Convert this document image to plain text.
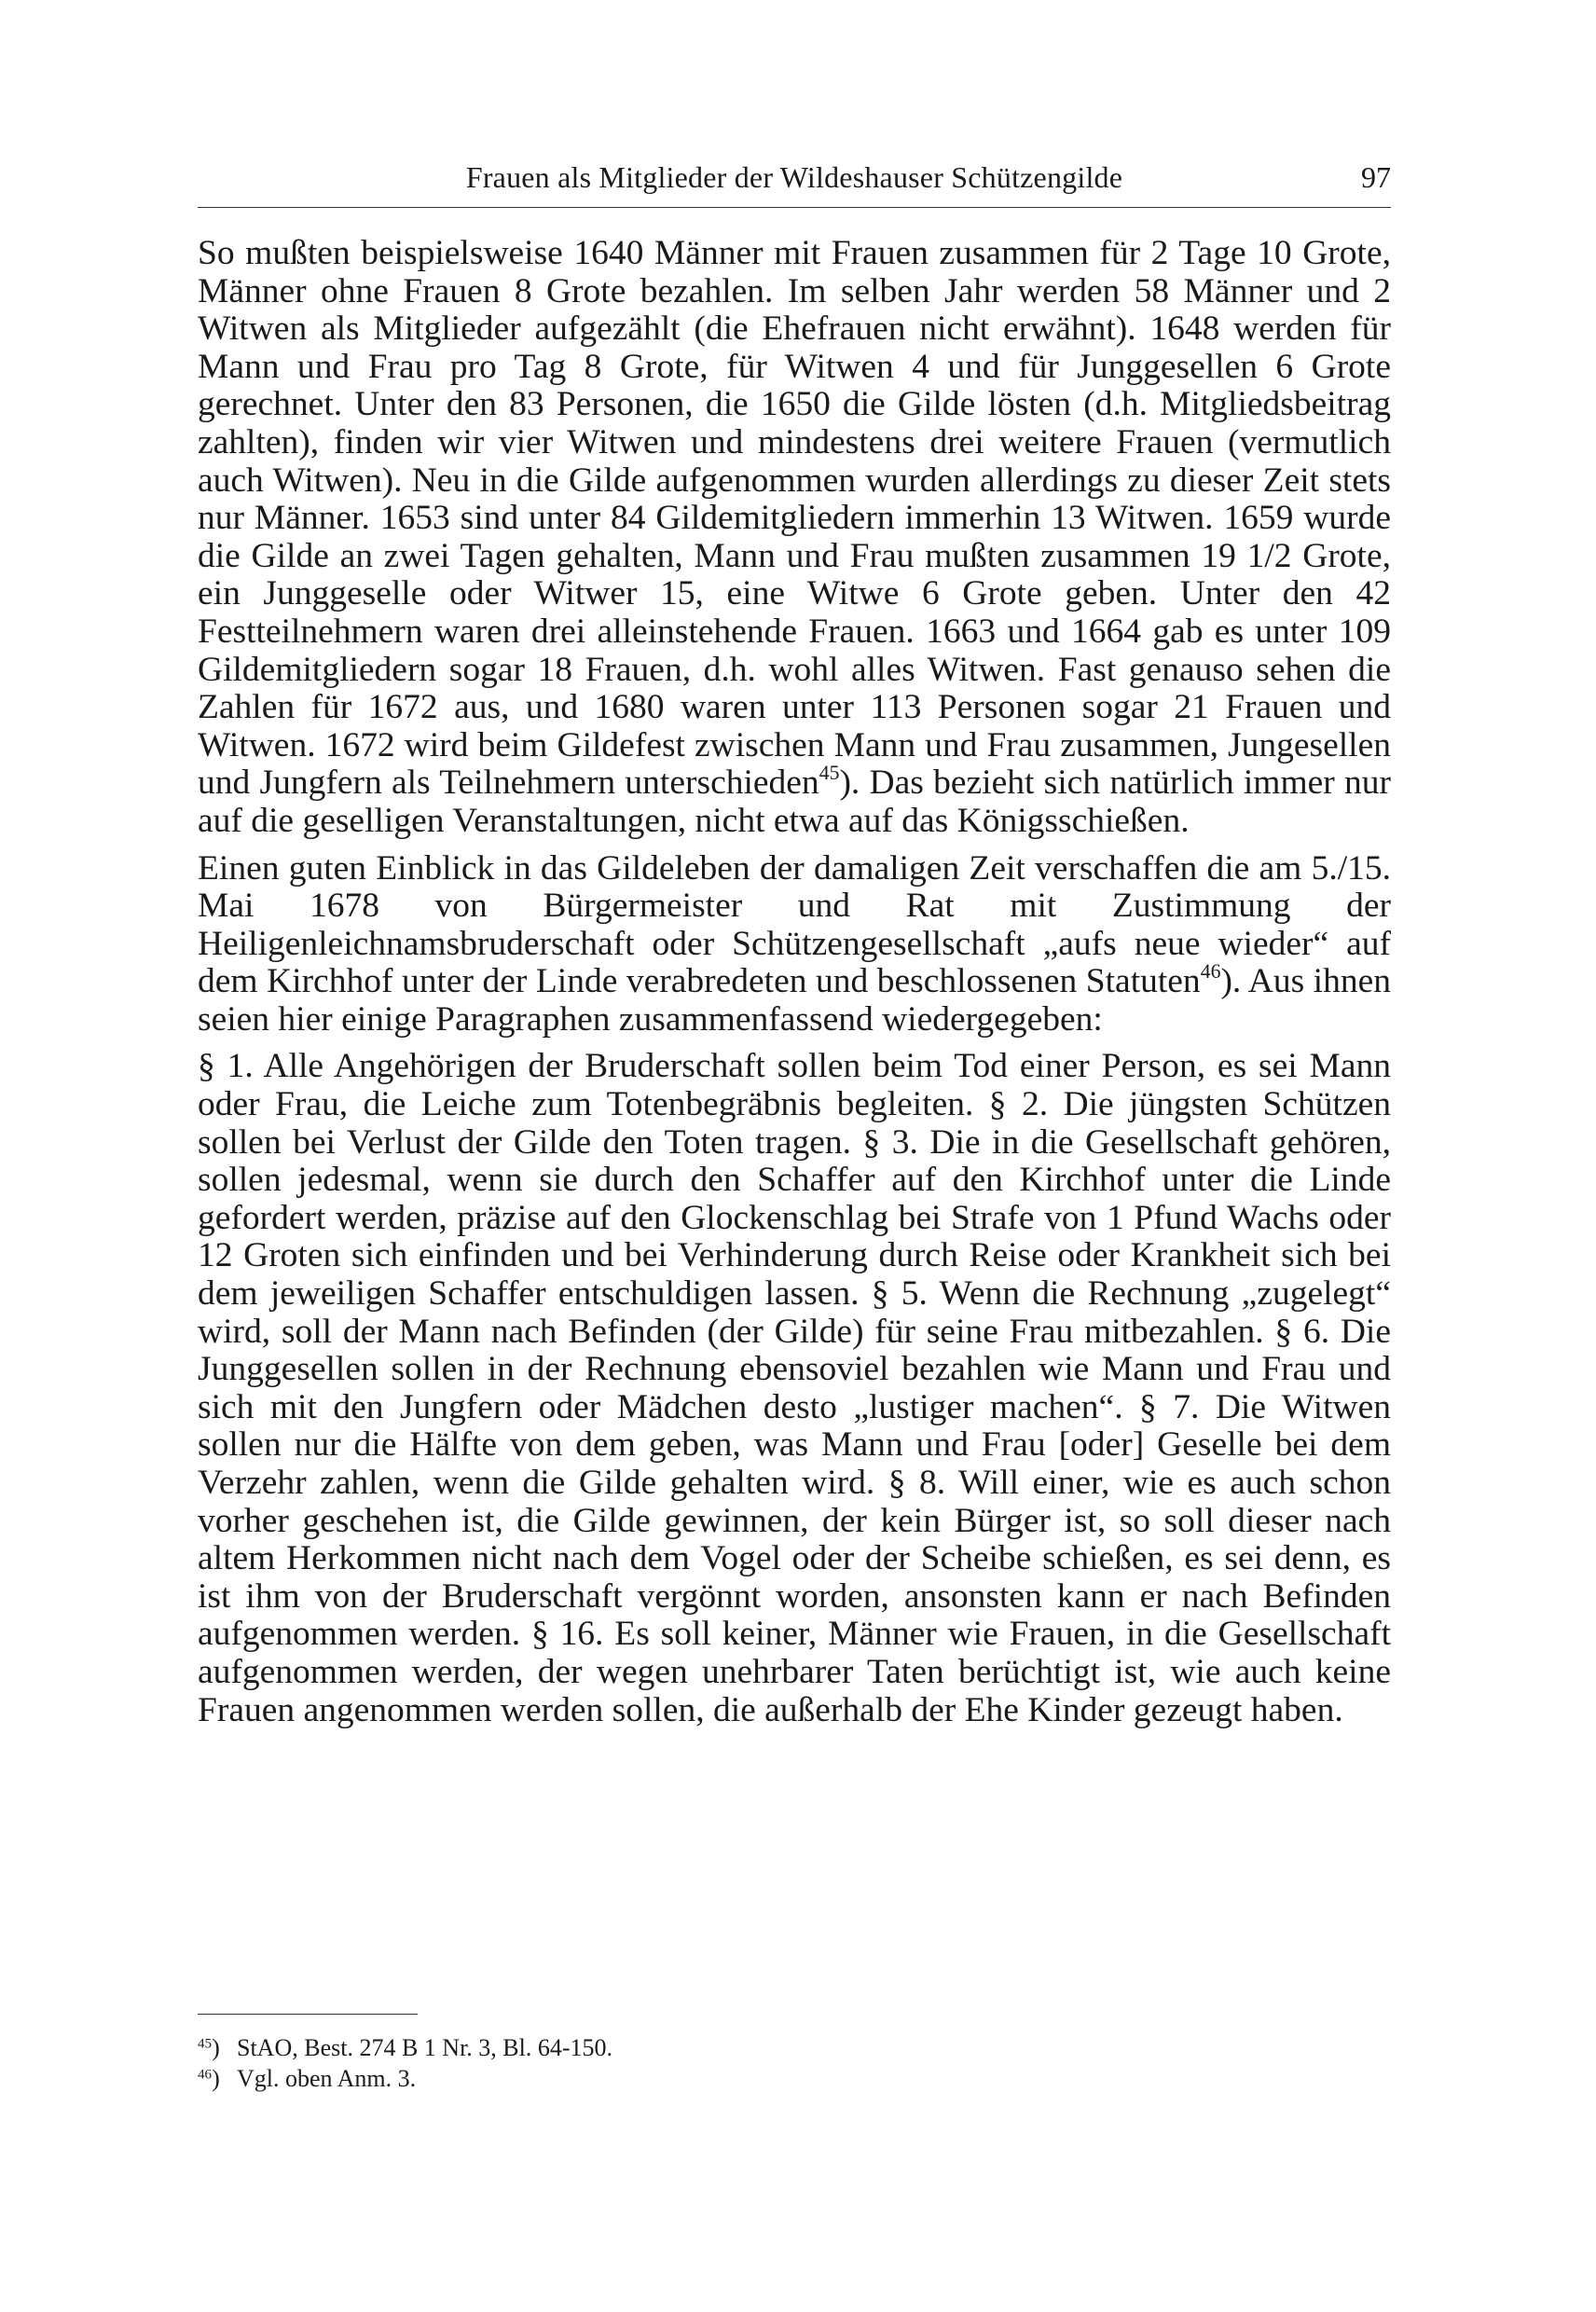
Frauen als Mitglieder der Wildeshauser Schützengilde	97

So mußten beispielsweise 1640 Männer mit Frauen zusammen für 2 Tage 10 Grote, Männer ohne Frauen 8 Grote bezahlen. Im selben Jahr werden 58 Männer und 2 Witwen als Mitglieder aufgezählt (die Ehefrauen nicht erwähnt). 1648 werden für Mann und Frau pro Tag 8 Grote, für Witwen 4 und für Junggesellen 6 Grote gerechnet. Unter den 83 Personen, die 1650 die Gilde lösten (d.h. Mitgliedsbeitrag zahlten), finden wir vier Witwen und mindestens drei weitere Frauen (vermutlich auch Witwen). Neu in die Gilde aufgenommen wurden allerdings zu dieser Zeit stets nur Männer. 1653 sind unter 84 Gildemitgliedern immerhin 13 Witwen. 1659 wurde die Gilde an zwei Tagen gehalten, Mann und Frau mußten zusammen 19 1/2 Grote, ein Junggeselle oder Witwer 15, eine Witwe 6 Grote geben. Unter den 42 Festteilnehmern waren drei alleinstehende Frauen. 1663 und 1664 gab es unter 109 Gildemitgliedern sogar 18 Frauen, d.h. wohl alles Witwen. Fast genauso sehen die Zahlen für 1672 aus, und 1680 waren unter 113 Personen sogar 21 Frauen und Witwen. 1672 wird beim Gildefest zwischen Mann und Frau zusammen, Jungesellen und Jungfern als Teilnehmern unterschieden$^{45}$). Das bezieht sich natürlich immer nur auf die geselligen Veranstaltungen, nicht etwa auf das Königsschießen.

Einen guten Einblick in das Gildeleben der damaligen Zeit verschaffen die am 5./15. Mai 1678 von Bürgermeister und Rat mit Zustimmung der Heiligenleichnamsbruderschaft oder Schützengesellschaft „aufs neue wieder“ auf dem Kirchhof unter der Linde verabredeten und beschlossenen Statuten$^{46}$). Aus ihnen seien hier einige Paragraphen zusammenfassend wiedergegeben:

§ 1. Alle Angehörigen der Bruderschaft sollen beim Tod einer Person, es sei Mann oder Frau, die Leiche zum Totenbegräbnis begleiten. § 2. Die jüngsten Schützen sollen bei Verlust der Gilde den Toten tragen. § 3. Die in die Gesellschaft gehören, sollen jedesmal, wenn sie durch den Schaffer auf den Kirchhof unter die Linde gefordert werden, präzise auf den Glockenschlag bei Strafe von 1 Pfund Wachs oder 12 Groten sich einfinden und bei Verhinderung durch Reise oder Krankheit sich bei dem jeweiligen Schaffer entschuldigen lassen. § 5. Wenn die Rechnung „zugelegt“ wird, soll der Mann nach Befinden (der Gilde) für seine Frau mitbezahlen. § 6. Die Junggesellen sollen in der Rechnung ebensoviel bezahlen wie Mann und Frau und sich mit den Jungfern oder Mädchen desto „lustiger machen“. § 7. Die Witwen sollen nur die Hälfte von dem geben, was Mann und Frau [oder] Geselle bei dem Verzehr zahlen, wenn die Gilde gehalten wird. § 8. Will einer, wie es auch schon vorher geschehen ist, die Gilde gewinnen, der kein Bürger ist, so soll dieser nach altem Herkommen nicht nach dem Vogel oder der Scheibe schießen, es sei denn, es ist ihm von der Bruderschaft vergönnt worden, ansonsten kann er nach Befinden aufgenommen werden. § 16. Es soll keiner, Männer wie Frauen, in die Gesellschaft aufgenommen werden, der wegen unehrbarer Taten berüchtigt ist, wie auch keine Frauen angenommen werden sollen, die außerhalb der Ehe Kinder gezeugt haben.

$^{45}$) StAO, Best. 274 B 1 Nr. 3, Bl. 64-150.

$^{46}$) Vgl. oben Anm. 3.
